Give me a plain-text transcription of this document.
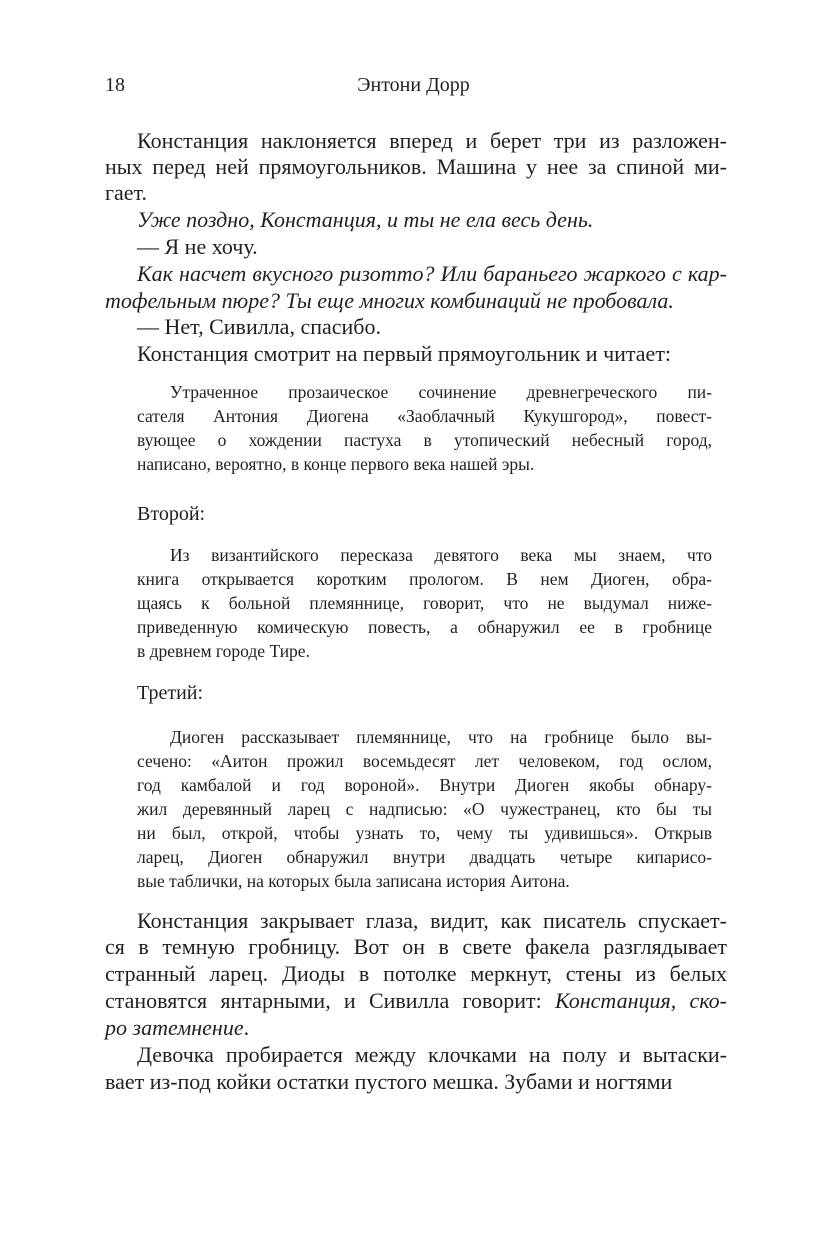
18	Энтони Дорр
Констанция наклоняется вперед и берет три из разложен-
ных перед ней прямоугольников. Машина у нее за спиной ми-
гает.
Уже поздно, Констанция, и ты не ела весь день.
— Я не хочу.
Как насчет вкусного ризотто? Или бараньего жаркого с кар-
тофельным пюре? Ты еще многих комбинаций не пробовала.
— Нет, Сивилла, спасибо.
Констанция смотрит на первый прямоугольник и читает:
Утраченное прозаическое сочинение древнегреческого пи-
сателя Антония Диогена «Заоблачный Кукушгород», повест-
вующее о хождении пастуха в утопический небесный город,
написано, вероятно, в конце первого века нашей эры.
Второй:
Из византийского пересказа девятого века мы знаем, что
книга открывается коротким прологом. В нем Диоген, обра-
щаясь к больной племяннице, говорит, что не выдумал ниже-
приведенную комическую повесть, а обнаружил ее в гробнице
в древнем городе Тире.
Третий:
Диоген рассказывает племяннице, что на гробнице было вы-
сечено: «Аитон прожил восемьдесят лет человеком, год ослом,
год камбалой и год вороной». Внутри Диоген якобы обнару-
жил деревянный ларец с надписью: «О чужестранец, кто бы ты
ни был, открой, чтобы узнать то, чему ты удивишься». Открыв
ларец, Диоген обнаружил внутри двадцать четыре кипарисо-
вые таблички, на которых была записана история Аитона.
Констанция закрывает глаза, видит, как писатель спускает-
ся в темную гробницу. Вот он в свете факела разглядывает
странный ларец. Диоды в потолке меркнут, стены из белых
становятся янтарными, и Сивилла говорит: Констанция, ско-
ро затемнение.
Девочка пробирается между клочками на полу и вытаски-
вает из-под койки остатки пустого мешка. Зубами и ногтями
